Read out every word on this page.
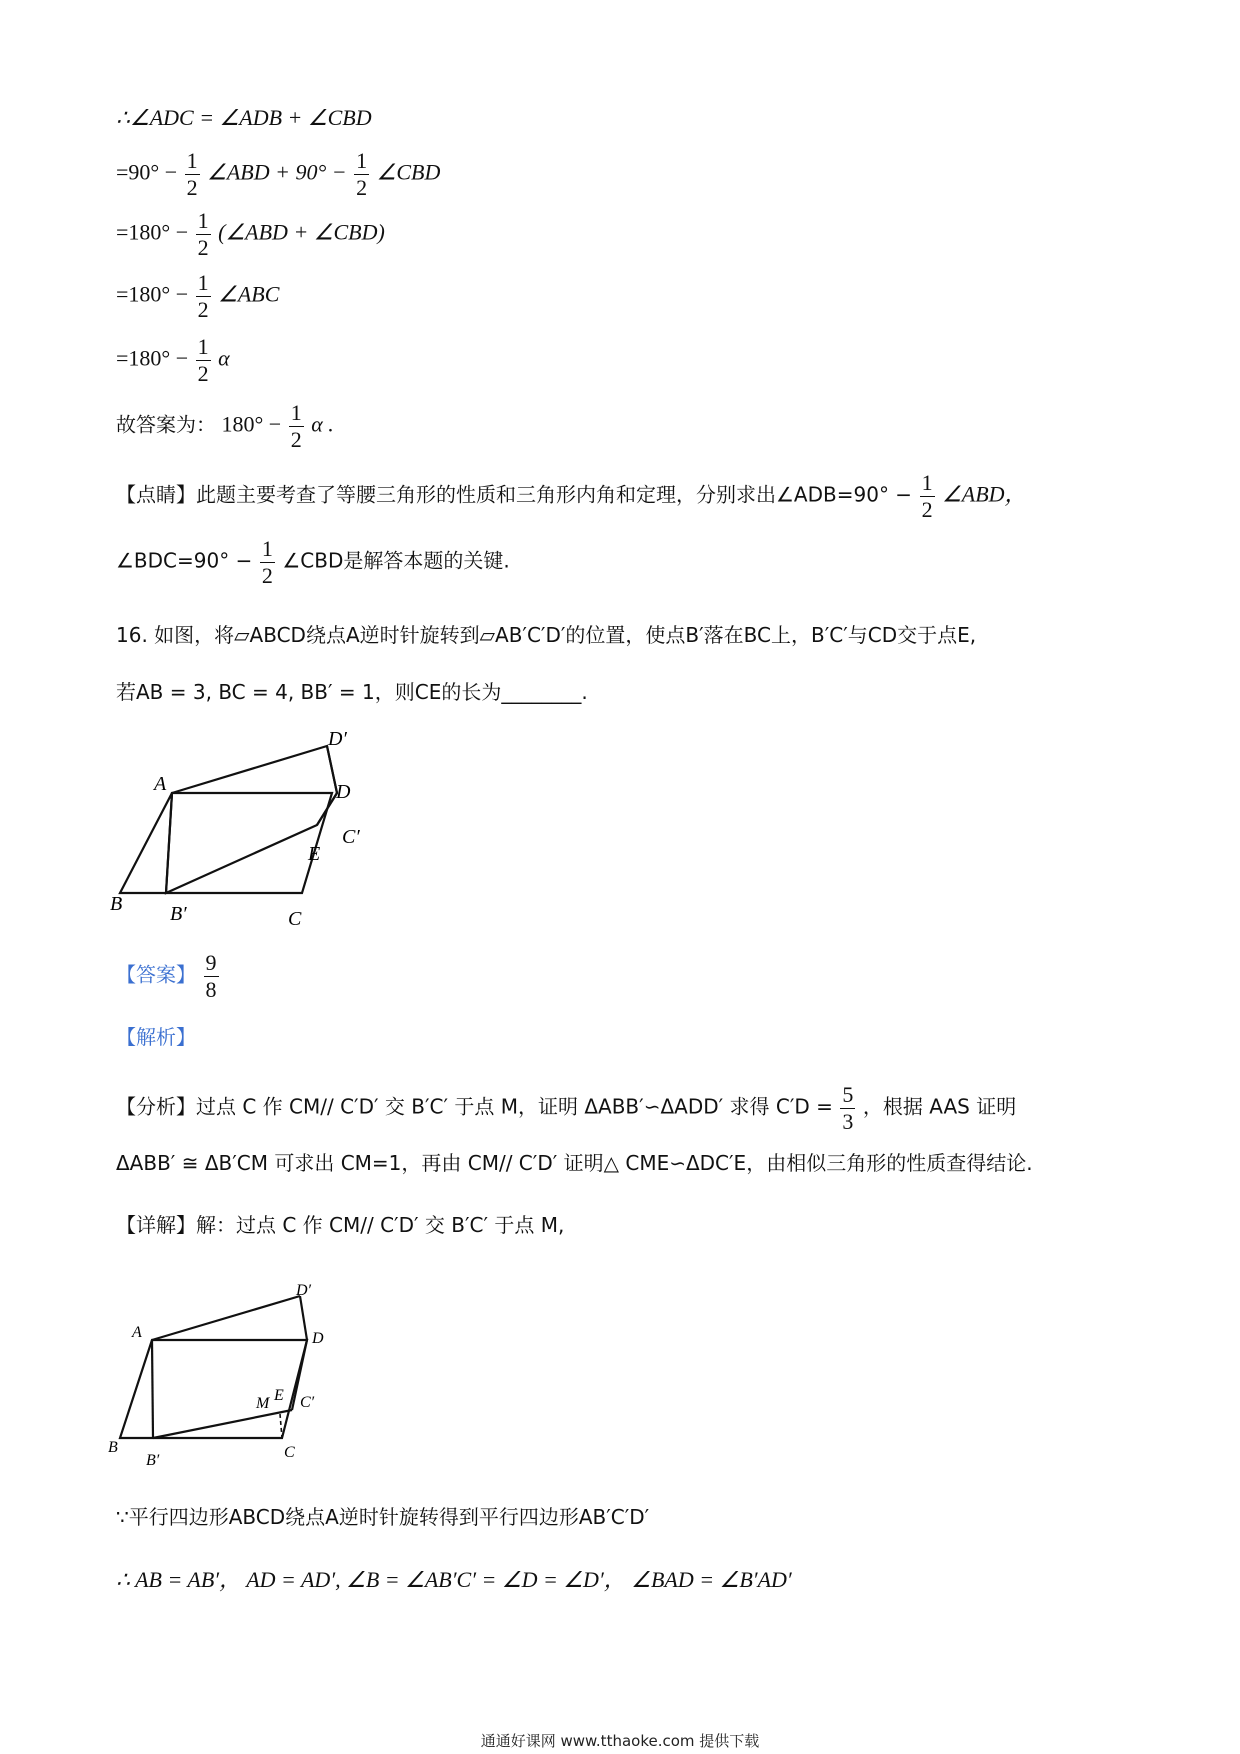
∴∠ADC = ∠ADB + ∠CBD
$=90^\circ - \frac{1}{2}$ ∠ABD + $90^\circ - \frac{1}{2}$ ∠CBD
$=180^\circ - \frac{1}{2}$ (∠ABD + ∠CBD)
$=180^\circ - \frac{1}{2}$ ∠ABC
$=180^\circ - \frac{1}{2}$ α
故答案为： $180^\circ - \frac{1}{2}$ α .
【点睛】此题主要考查了等腰三角形的性质和三角形内角和定理，分别求出∠ADB=90° − $\frac{1}{2}$ ∠ABD，
∠BDC=90° − $\frac{1}{2}$ ∠CBD是解答本题的关键.
16. 如图，将▱ABCD绕点A逆时针旋转到▱AB′C′D′的位置，使点B′落在BC上，B′C′与CD交于点E,
若AB = 3, BC = 4, BB′ = 1，则CE的长为________.
A
B
C
D
B′
C′
D′
E
【答案】 $\frac{9}{8}$
【解析】
【分析】过点 C 作 CM// C′D′ 交 B′C′ 于点 M，证明 ΔABB′∽ΔADD′ 求得 $C'D = \frac{5}{3}$ ，根据 AAS 证明
ΔABB′ ≅ ΔB′CM 可求出 CM=1，再由 CM// C′D′ 证明△ CME∽ΔDC′E，由相似三角形的性质查得结论.
【详解】解：过点 C 作 CM// C′D′ 交 B′C′ 于点 M,
A
B	C
D
B′
C′
D′
E
M
∵平行四边形ABCD绕点A逆时针旋转得到平行四边形AB′C′D′
∴ AB = AB′， AD = AD′, ∠B = ∠AB′C′ = ∠D = ∠D′， ∠BAD = ∠B′AD′
通通好课网 www.tthaoke.com 提供下载
